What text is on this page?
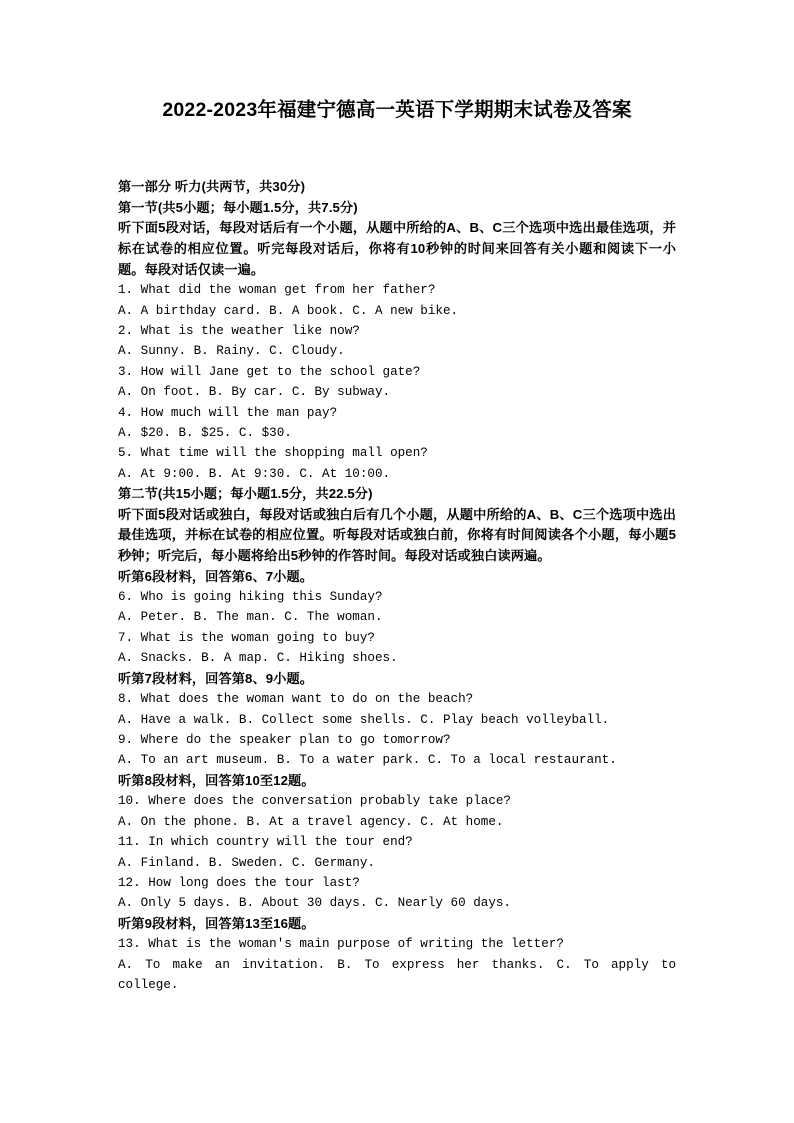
2022-2023年福建宁德高一英语下学期期末试卷及答案

第一部分 听力(共两节，共30分)

第一节(共5小题；每小题1.5分，共7.5分)

听下面5段对话，每段对话后有一个小题，从题中所给的A、B、C三个选项中选出最佳选项，并标在试卷的相应位置。听完每段对话后，你将有10秒钟的时间来回答有关小题和阅读下一小题。每段对话仅读一遍。

1. What did the woman get from her father?

A. A birthday card. B. A book. C. A new bike.

2. What is the weather like now?

A. Sunny. B. Rainy. C. Cloudy.

3. How will Jane get to the school gate?

A. On foot. B. By car. C. By subway.

4. How much will the man pay?

A. $20. B. $25. C. $30.

5. What time will the shopping mall open?

A. At 9:00. B. At 9:30. C. At 10:00.

第二节(共15小题；每小题1.5分，共22.5分)

听下面5段对话或独白，每段对话或独白后有几个小题，从题中所给的A、B、C三个选项中选出最佳选项，并标在试卷的相应位置。听每段对话或独白前，你将有时间阅读各个小题，每小题5秒钟；听完后，每小题将给出5秒钟的作答时间。每段对话或独白读两遍。

听第6段材料，回答第6、7小题。

6. Who is going hiking this Sunday?

A. Peter. B. The man. C. The woman.

7. What is the woman going to buy?

A. Snacks. B. A map. C. Hiking shoes.

听第7段材料，回答第8、9小题。

8. What does the woman want to do on the beach?

A. Have a walk. B. Collect some shells. C. Play beach volleyball.

9. Where do the speaker plan to go tomorrow?

A. To an art museum. B. To a water park. C. To a local restaurant.

听第8段材料，回答第10至12题。

10. Where does the conversation probably take place?

A. On the phone. B. At a travel agency. C. At home.

11. In which country will the tour end?

A. Finland. B. Sweden. C. Germany.

12. How long does the tour last?

A. Only 5 days. B. About 30 days. C. Nearly 60 days.

听第9段材料，回答第13至16题。

13. What is the woman's main purpose of writing the letter?

A. To make an invitation. B. To express her thanks. C. To apply to

college.
